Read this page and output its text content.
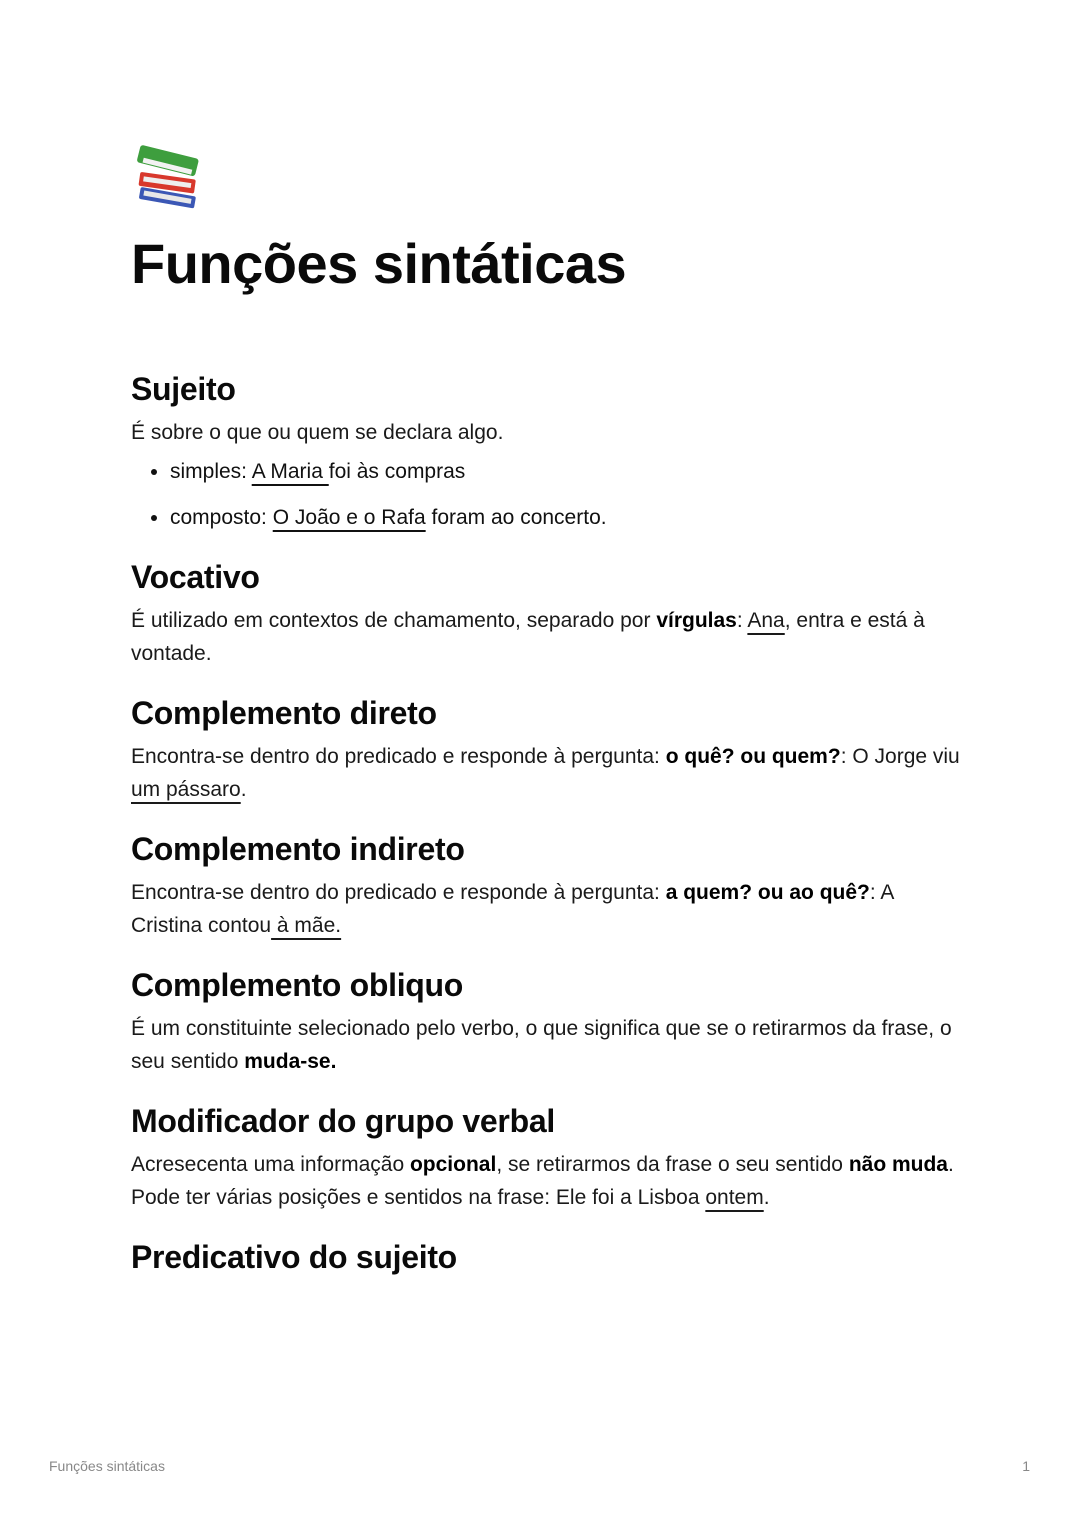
Funções sintáticas
Sujeito

É sobre o que ou quem se declara algo.

• simples: A Maria foi às compras
• composto: O João e o Rafa foram ao concerto.
Vocativo

É utilizado em contextos de chamamento, separado por vírgulas: Ana, entra e está à vontade.

Complemento direto

Encontra-se dentro do predicado e responde à pergunta: o quê? ou quem?: O Jorge viu um pássaro.

Complemento indireto

Encontra-se dentro do predicado e responde à pergunta: a quem? ou ao quê?: A Cristina contou à mãe.

Complemento obliquo

É um constituinte selecionado pelo verbo, o que significa que se o retirarmos da frase, o seu sentido muda-se.

Modificador do grupo verbal

Acresecenta uma informação opcional, se retirarmos da frase o seu sentido não muda. Pode ter várias posições e sentidos na frase: Ele foi a Lisboa ontem.

Predicativo do sujeito
Funções sintáticas	1
